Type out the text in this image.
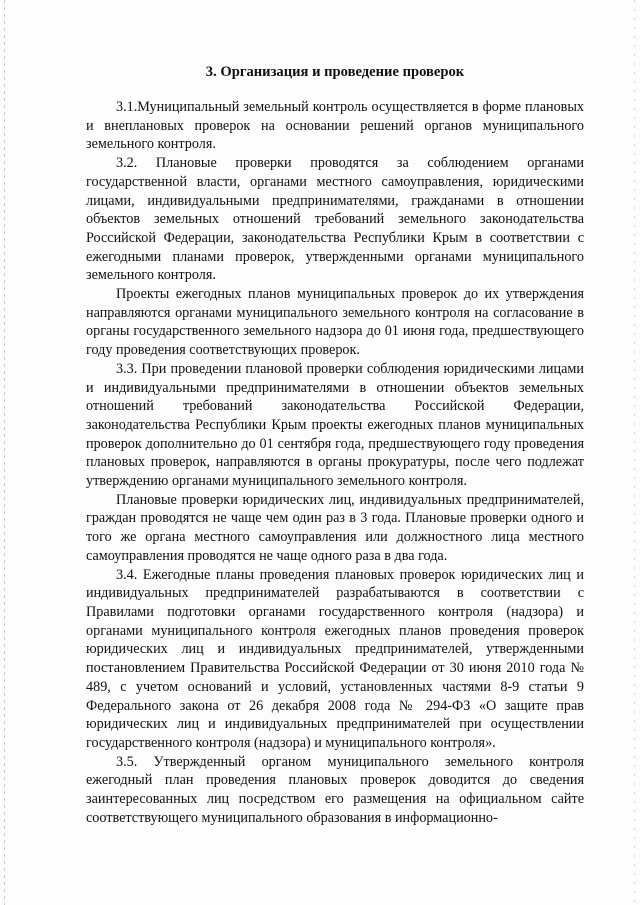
3. Организация и проведение проверок

3.1.Муниципальный земельный контроль осуществляется в форме плановых и внеплановых проверок на основании решений органов муниципального земельного контроля.

3.2. Плановые проверки проводятся за соблюдением органами государственной власти, органами местного самоуправления, юридическими лицами, индивидуальными предпринимателями, гражданами в отношении объектов земельных отношений требований земельного законодательства Российской Федерации, законодательства Республики Крым в соответствии с ежегодными планами проверок, утвержденными органами муниципального земельного контроля.

Проекты ежегодных планов муниципальных проверок до их утверждения направляются органами муниципального земельного контроля на согласование в органы государственного земельного надзора до 01 июня года, предшествующего году проведения соответствующих проверок.

3.3. При проведении плановой проверки соблюдения юридическими лицами и индивидуальными предпринимателями в отношении объектов земельных отношений требований законодательства Российской Федерации, законодательства Республики Крым проекты ежегодных планов муниципальных проверок дополнительно до 01 сентября года, предшествующего году проведения плановых проверок, направляются в органы прокуратуры, после чего подлежат утверждению органами муниципального земельного контроля.

Плановые проверки юридических лиц, индивидуальных предпринимателей, граждан проводятся не чаще чем один раз в 3 года. Плановые проверки одного и того же органа местного самоуправления или должностного лица местного самоуправления проводятся не чаще одного раза в два года.

3.4. Ежегодные планы проведения плановых проверок юридических лиц и индивидуальных предпринимателей разрабатываются в соответствии с Правилами подготовки органами государственного контроля (надзора) и органами муниципального контроля ежегодных планов проведения проверок юридических лиц и индивидуальных предпринимателей, утвержденными постановлением Правительства Российской Федерации от 30 июня 2010 года № 489, с учетом оснований и условий, установленных частями 8-9 статьи 9 Федерального закона от 26 декабря 2008 года № 294-ФЗ «О защите прав юридических лиц и индивидуальных предпринимателей при осуществлении государственного контроля (надзора) и муниципального контроля».

3.5. Утвержденный органом муниципального земельного контроля ежегодный план проведения плановых проверок доводится до сведения заинтересованных лиц посредством его размещения на официальном сайте соответствующего муниципального образования в информационно-
